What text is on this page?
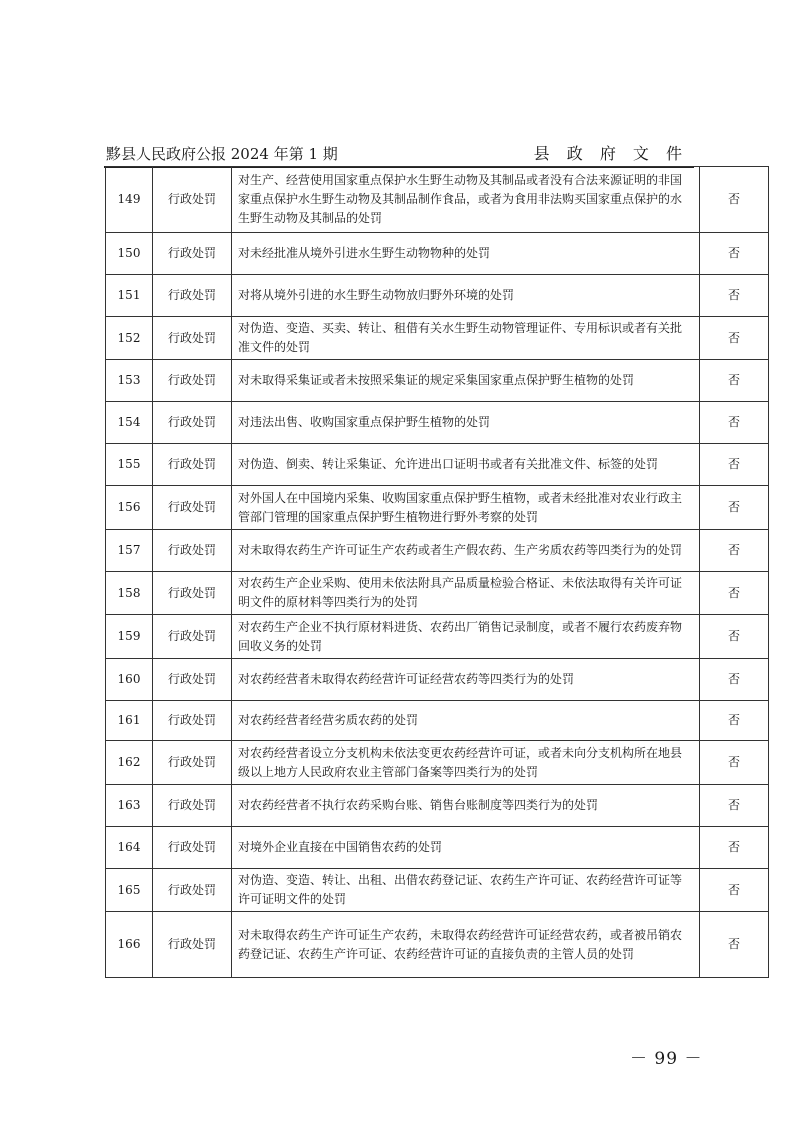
黟县人民政府公报 2024 年第 1 期	县 政 府 文 件
149	行政处罚	对生产、经营使用国家重点保护水生野生动物及其制品或者没有合法来源证明的非国家重点保护水生野生动物及其制品制作食品，或者为食用非法购买国家重点保护的水生野生动物及其制品的处罚	否
150	行政处罚	对未经批准从境外引进水生野生动物物种的处罚	否
151	行政处罚	对将从境外引进的水生野生动物放归野外环境的处罚	否
152	行政处罚	对伪造、变造、买卖、转让、租借有关水生野生动物管理证件、专用标识或者有关批准文件的处罚	否
153	行政处罚	对未取得采集证或者未按照采集证的规定采集国家重点保护野生植物的处罚	否
154	行政处罚	对违法出售、收购国家重点保护野生植物的处罚	否
155	行政处罚	对伪造、倒卖、转让采集证、允许进出口证明书或者有关批准文件、标签的处罚	否
156	行政处罚	对外国人在中国境内采集、收购国家重点保护野生植物，或者未经批准对农业行政主管部门管理的国家重点保护野生植物进行野外考察的处罚	否
157	行政处罚	对未取得农药生产许可证生产农药或者生产假农药、生产劣质农药等四类行为的处罚	否
158	行政处罚	对农药生产企业采购、使用未依法附具产品质量检验合格证、未依法取得有关许可证明文件的原材料等四类行为的处罚	否
159	行政处罚	对农药生产企业不执行原材料进货、农药出厂销售记录制度，或者不履行农药废弃物回收义务的处罚	否
160	行政处罚	对农药经营者未取得农药经营许可证经营农药等四类行为的处罚	否
161	行政处罚	对农药经营者经营劣质农药的处罚	否
162	行政处罚	对农药经营者设立分支机构未依法变更农药经营许可证，或者未向分支机构所在地县级以上地方人民政府农业主管部门备案等四类行为的处罚	否
163	行政处罚	对农药经营者不执行农药采购台账、销售台账制度等四类行为的处罚	否
164	行政处罚	对境外企业直接在中国销售农药的处罚	否
165	行政处罚	对伪造、变造、转让、出租、出借农药登记证、农药生产许可证、农药经营许可证等许可证明文件的处罚	否
166	行政处罚	对未取得农药生产许可证生产农药，未取得农药经营许可证经营农药，或者被吊销农药登记证、农药生产许可证、农药经营许可证的直接负责的主管人员的处罚	否
－ 99 －
